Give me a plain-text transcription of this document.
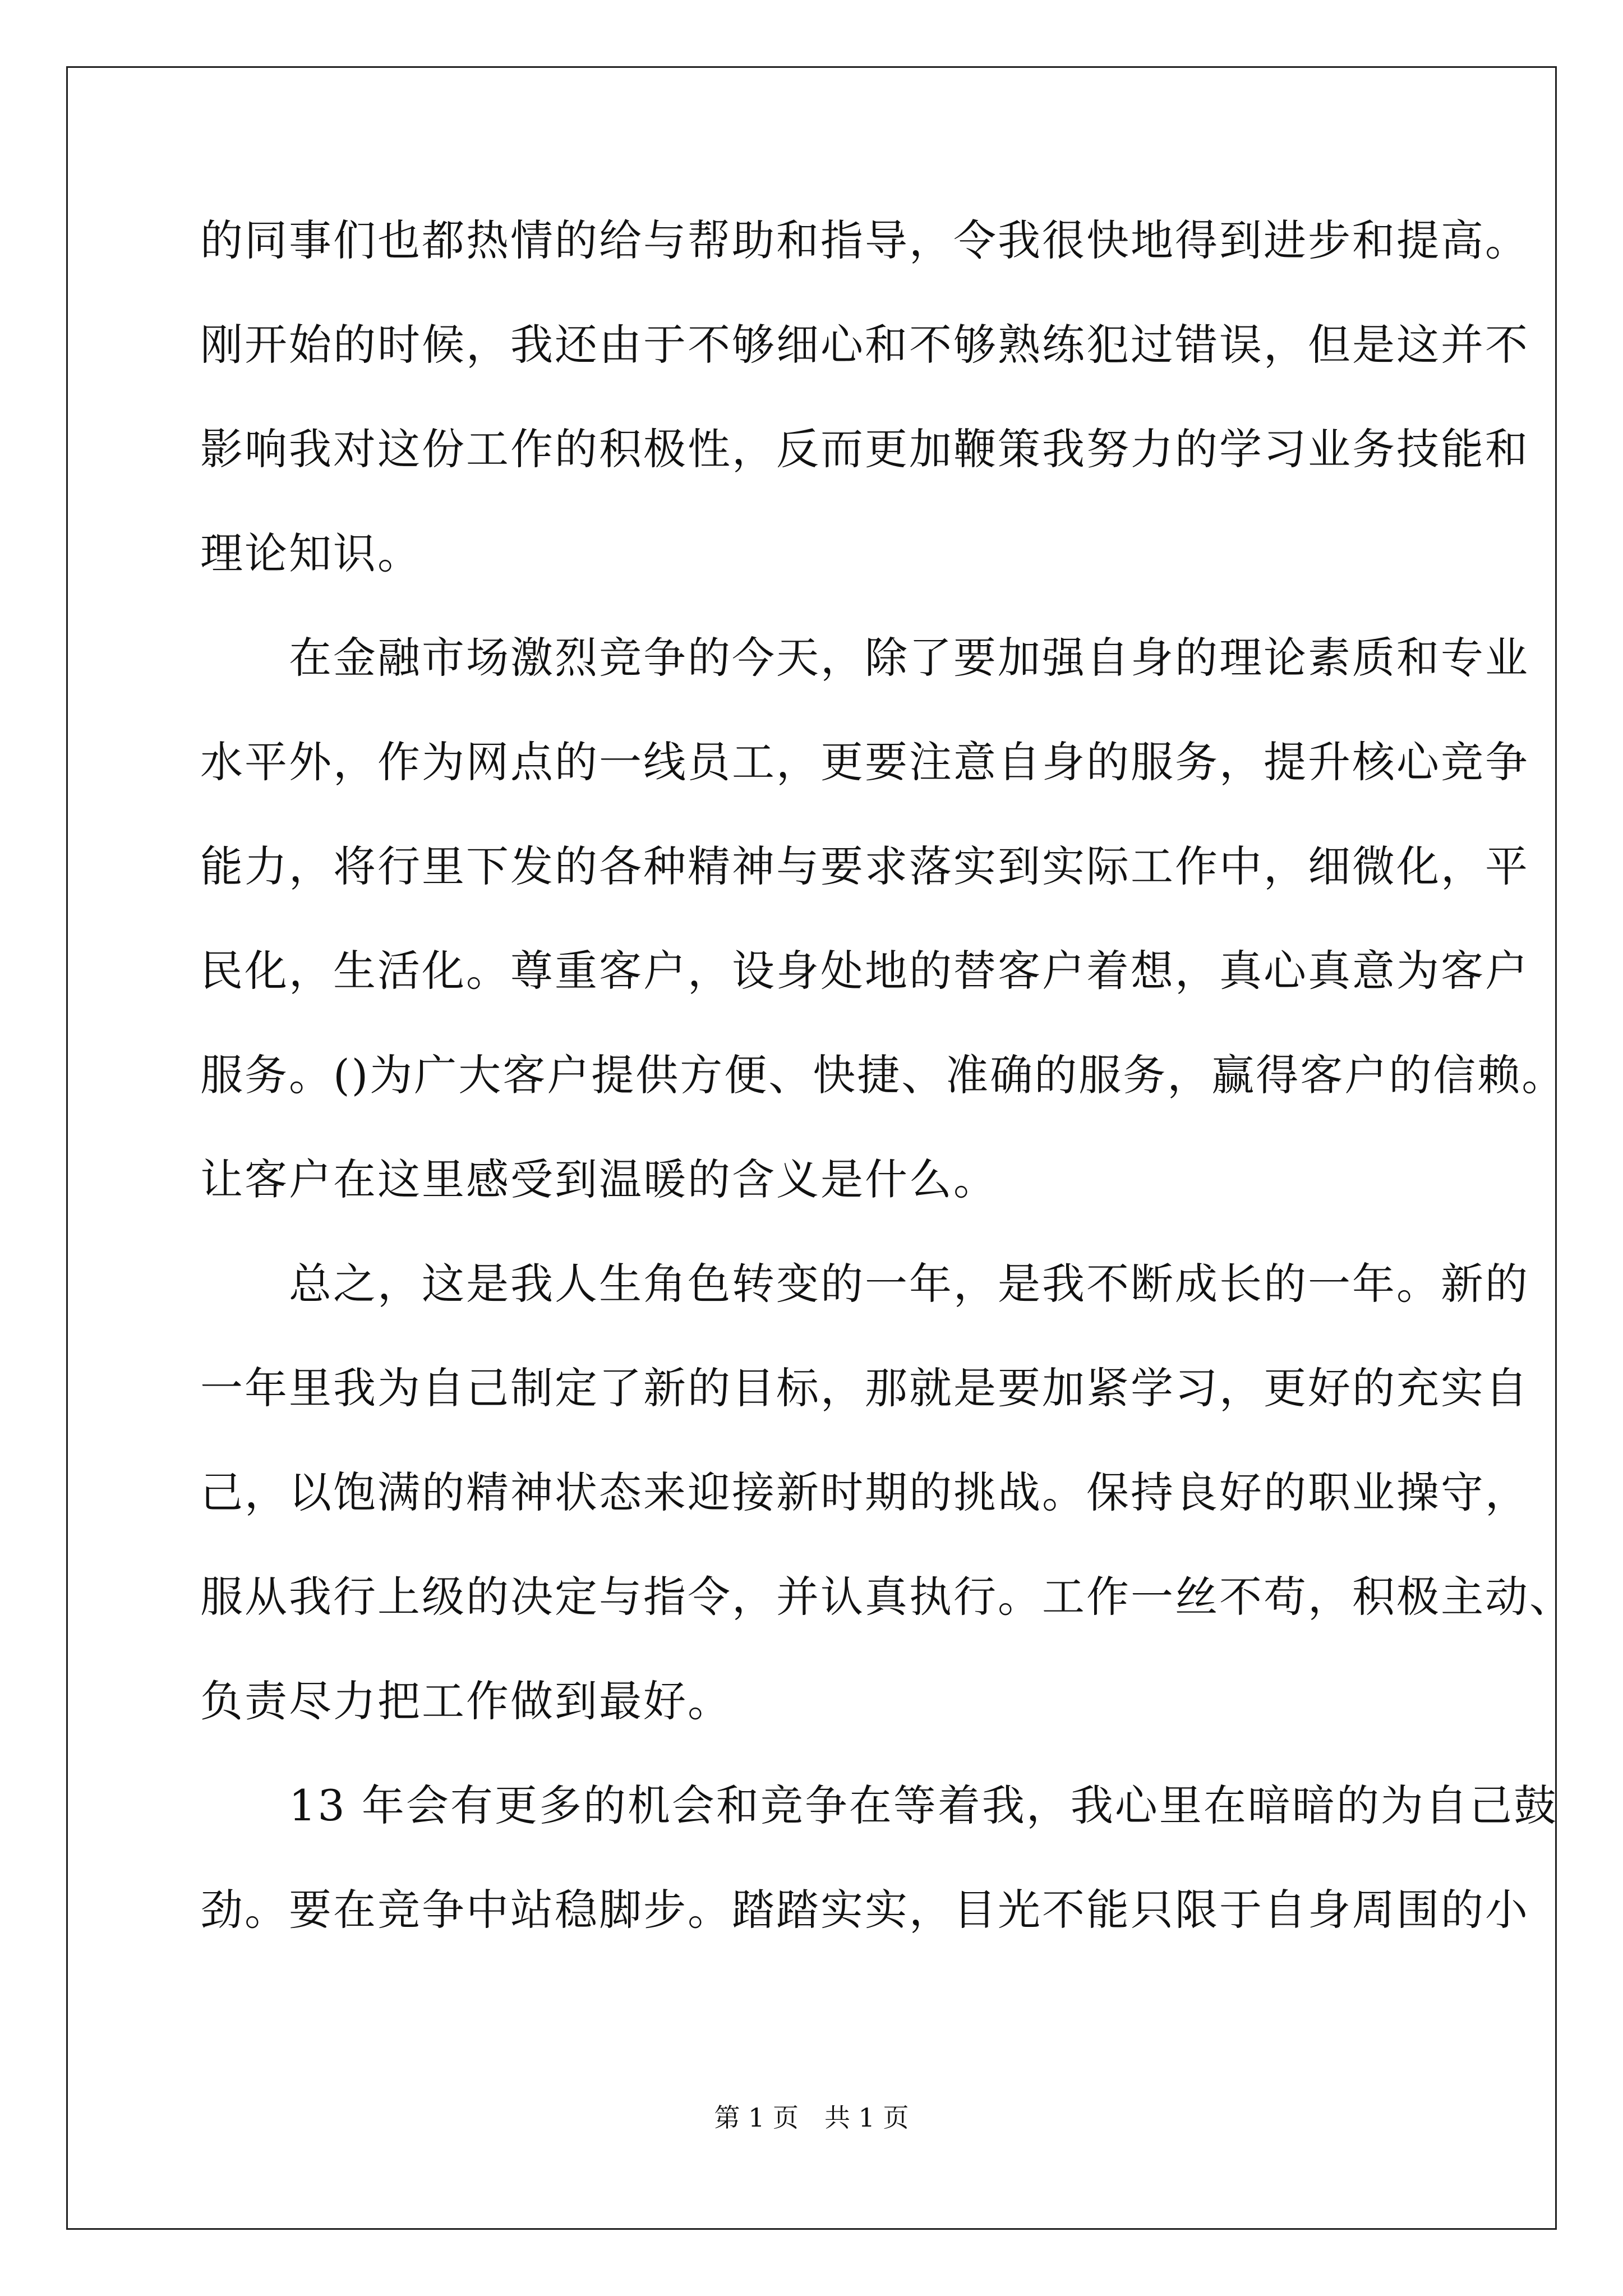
的同事们也都热情的给与帮助和指导，令我很快地得到进步和提高。
刚开始的时候，我还由于不够细心和不够熟练犯过错误，但是这并不
影响我对这份工作的积极性，反而更加鞭策我努力的学习业务技能和
理论知识。
　　在金融市场激烈竞争的今天，除了要加强自身的理论素质和专业
水平外，作为网点的一线员工，更要注意自身的服务，提升核心竞争
能力，将行里下发的各种精神与要求落实到实际工作中，细微化，平
民化，生活化。尊重客户，设身处地的替客户着想，真心真意为客户
服务。()为广大客户提供方便、快捷、准确的服务，赢得客户的信赖。
让客户在这里感受到温暖的含义是什么。
　　总之，这是我人生角色转变的一年，是我不断成长的一年。新的
一年里我为自己制定了新的目标，那就是要加紧学习，更好的充实自
己，以饱满的精神状态来迎接新时期的挑战。保持良好的职业操守，
服从我行上级的决定与指令，并认真执行。工作一丝不苟，积极主动、
负责尽力把工作做到最好。
　　13 年会有更多的机会和竞争在等着我，我心里在暗暗的为自己鼓
劲。要在竞争中站稳脚步。踏踏实实，目光不能只限于自身周围的小
第 1 页　共 1 页
